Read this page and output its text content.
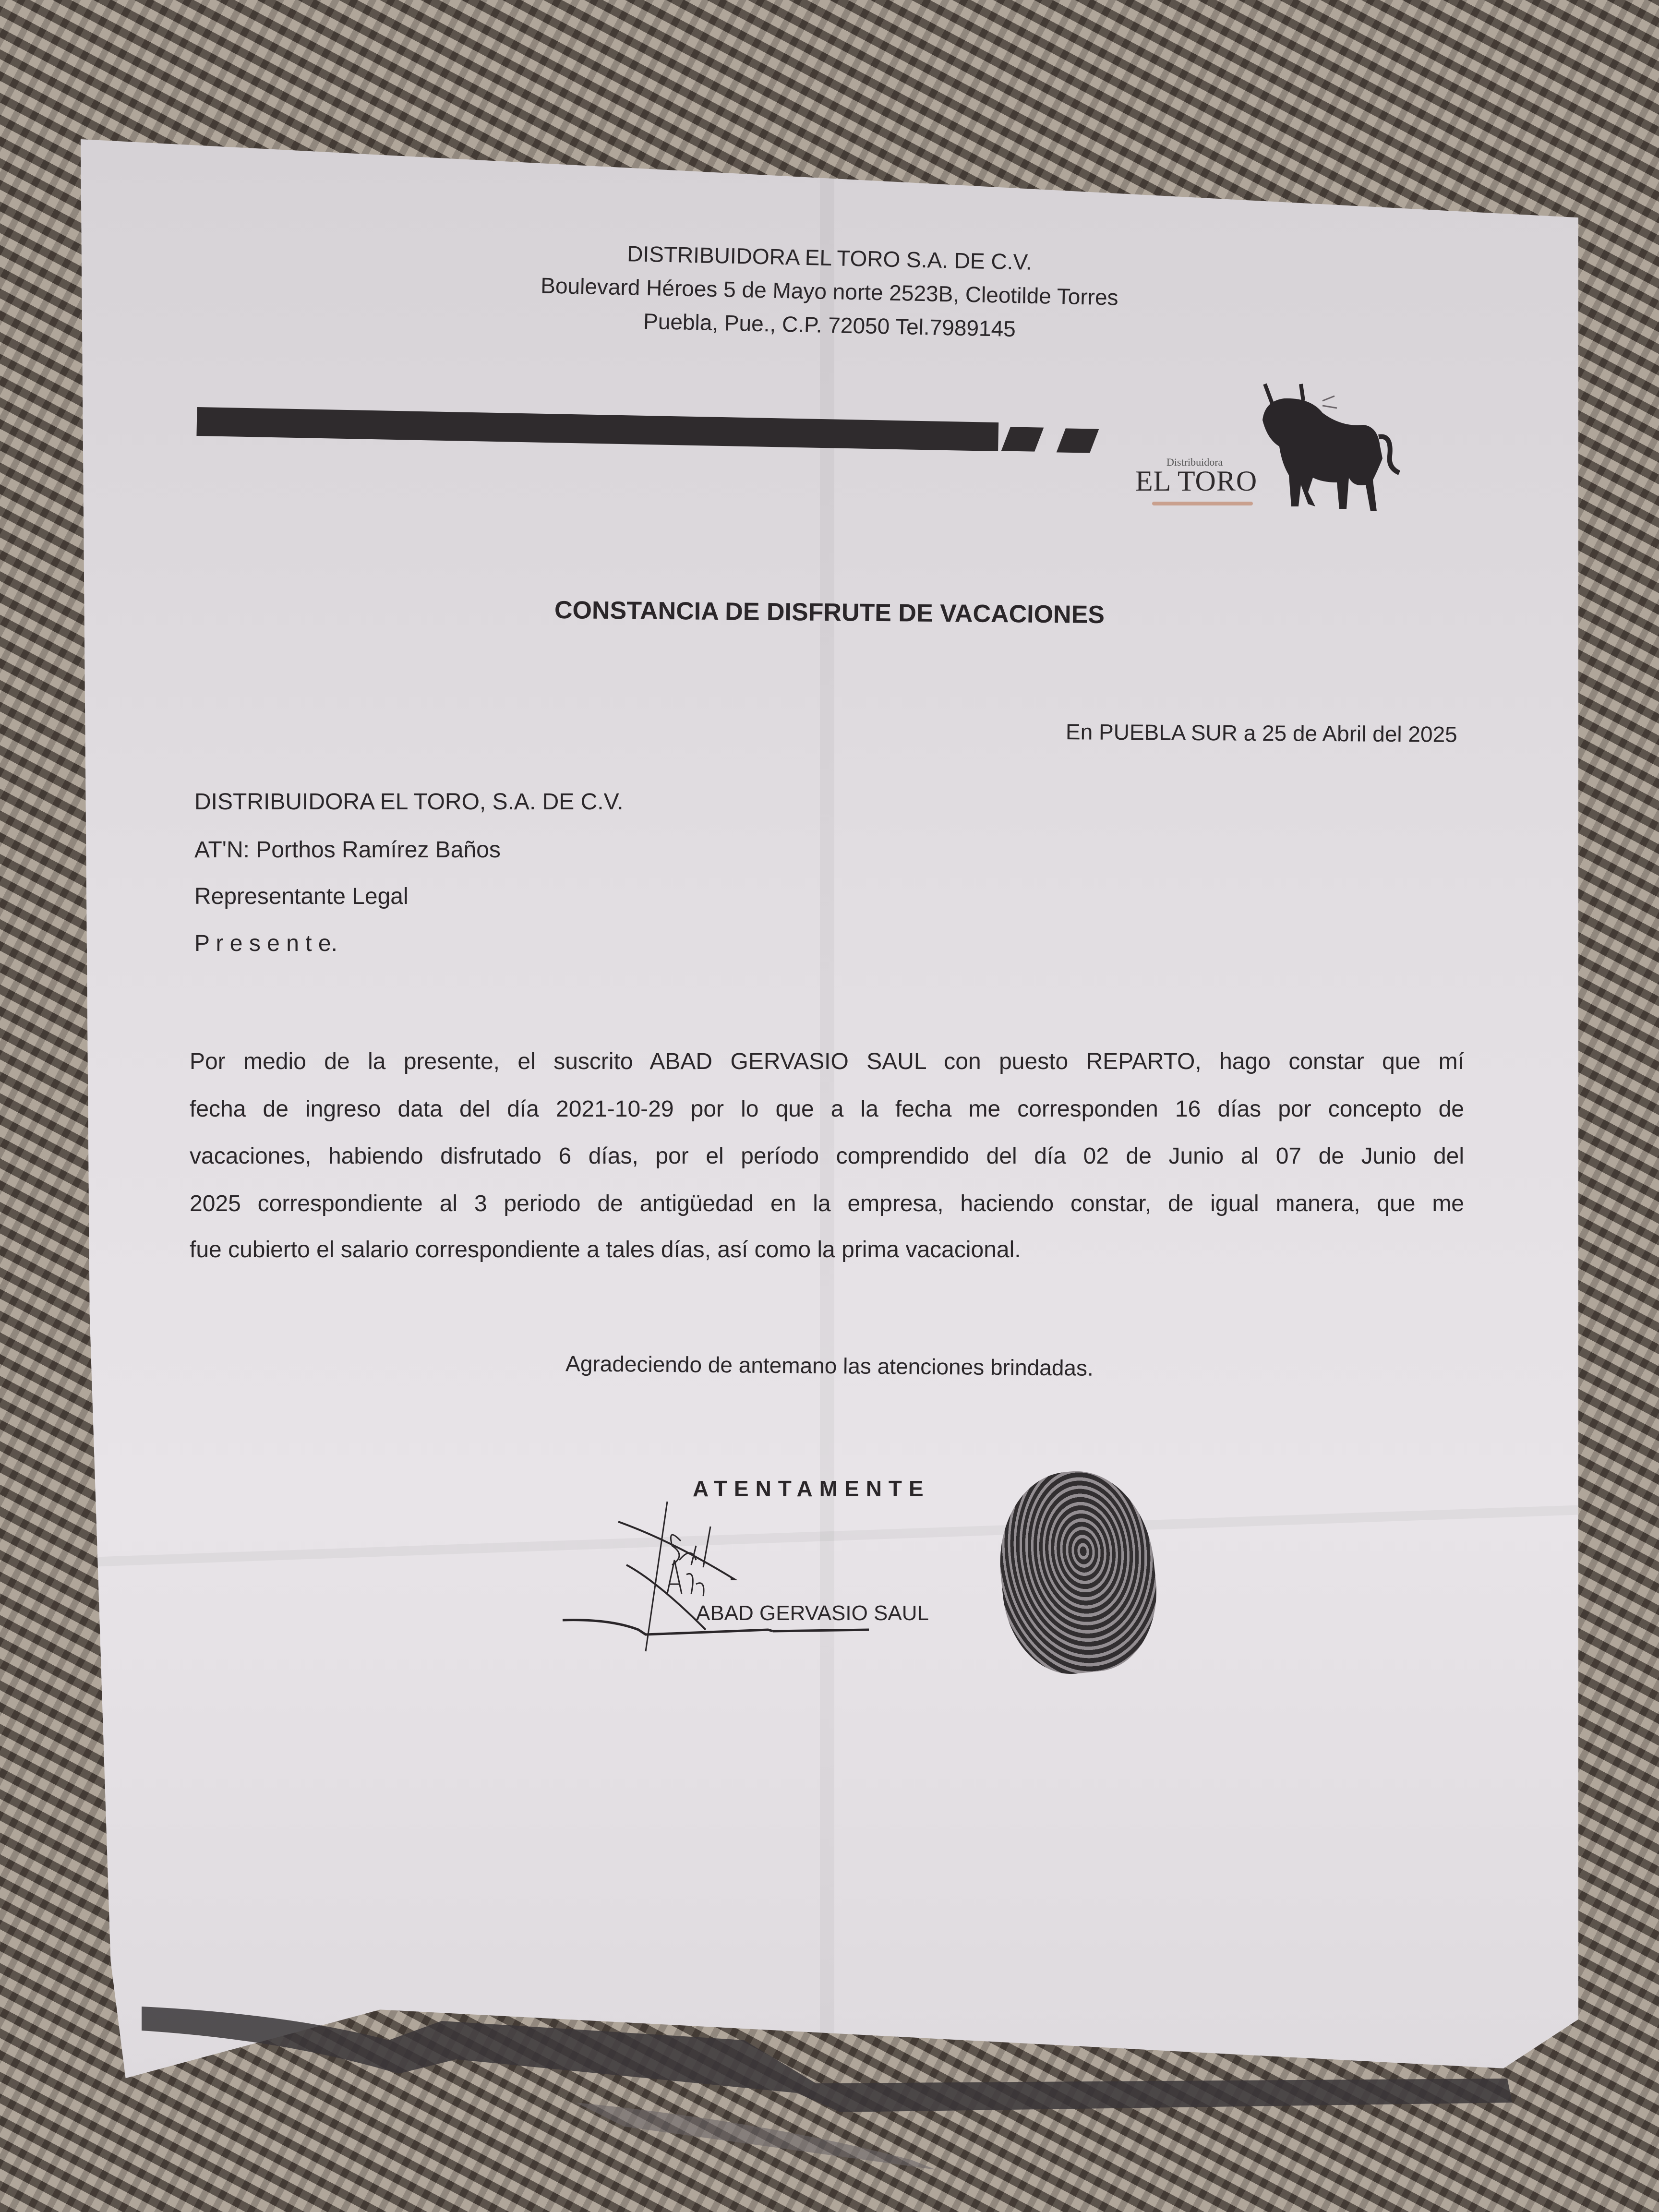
DISTRIBUIDORA EL TORO S.A. DE C.V.
Boulevard Héroes 5 de Mayo norte 2523B, Cleotilde Torres
Puebla, Pue., C.P. 72050 Tel.7989145
Distribuidora
EL TORO
CONSTANCIA DE DISFRUTE DE VACACIONES
En PUEBLA SUR a 25 de Abril del 2025
DISTRIBUIDORA EL TORO, S.A. DE C.V.
AT'N: Porthos Ramírez Baños
Representante Legal
P r e s e n t e.
Por medio de la presente, el suscrito ABAD GERVASIO SAUL con puesto REPARTO, hago constar que mí
fecha de ingreso data del día 2021-10-29 por lo que a la fecha me corresponden 16 días por concepto de
vacaciones, habiendo disfrutado 6 días, por el período comprendido del día 02 de Junio al 07 de Junio del
2025 correspondiente al 3 periodo de antigüedad en la empresa, haciendo constar, de igual manera, que me
fue cubierto el salario correspondiente a tales días, así como la prima vacacional.
Agradeciendo de antemano las atenciones brindadas.
ATENTAMENTE
ABAD GERVASIO SAUL
